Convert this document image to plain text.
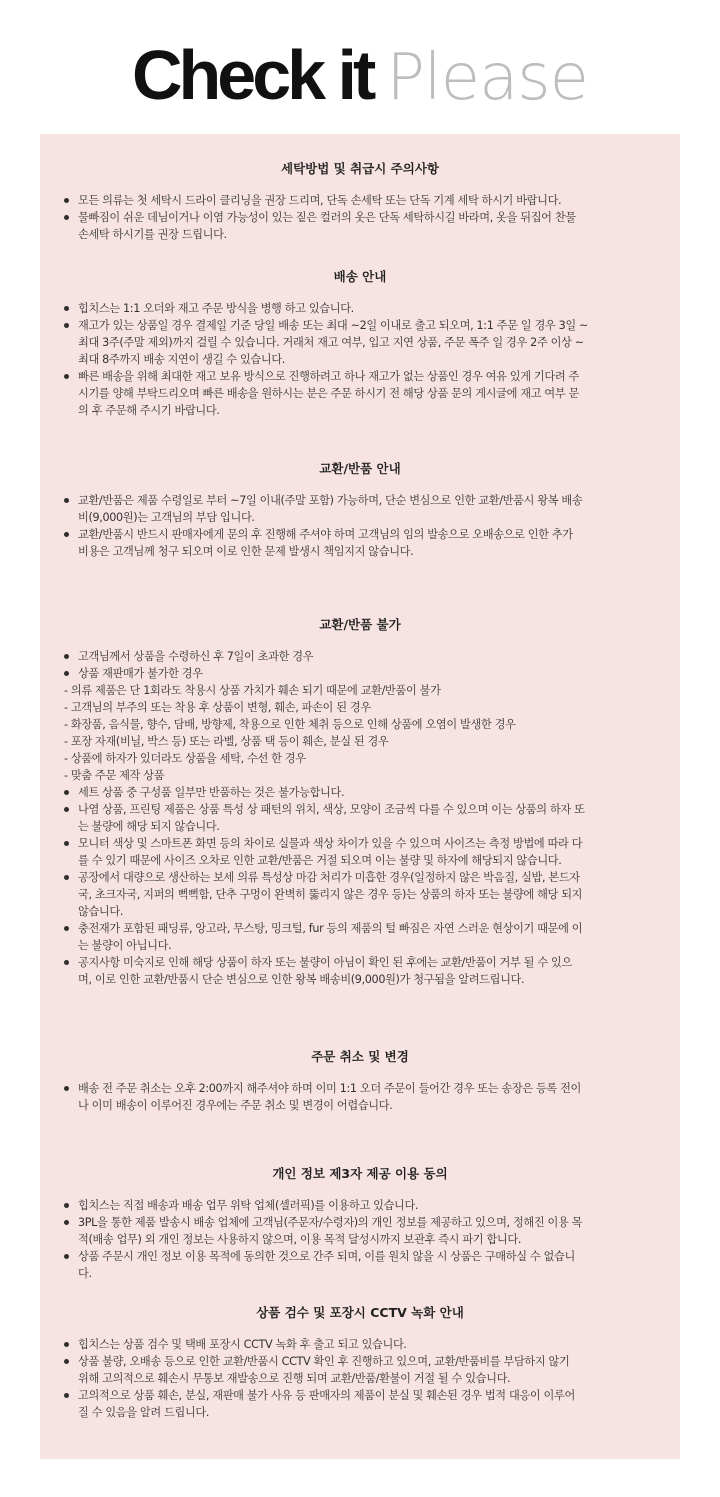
Check it Please
세탁방법 및 취급시 주의사항
모든 의류는 첫 세탁시 드라이 클리닝을 권장 드리며, 단독 손세탁 또는 단독 기계 세탁 하시기 바랍니다.
물빠짐이 쉬운 데님이거나 이염 가능성이 있는 짙은 컬러의 옷은 단독 세탁하시길 바라며, 옷을 뒤집어 찬물
손세탁 하시기를 권장 드립니다.
배송 안내
힙치스는 1:1 오더와 재고 주문 방식을 병행 하고 있습니다.
재고가 있는 상품일 경우 결제일 기준 당일 배송 또는 최대 ~2일 이내로 출고 되오며, 1:1 주문 일 경우 3일 ~
최대 3주(주말 제외)까지 걸릴 수 있습니다. 거래처 재고 여부, 입고 지연 상품, 주문 폭주 일 경우 2주 이상 ~
최대 8주까지 배송 지연이 생길 수 있습니다.
빠른 배송을 위해 최대한 재고 보유 방식으로 진행하려고 하나 재고가 없는 상품인 경우 여유 있게 기다려 주
시기를 양해 부탁드리오며 빠른 배송을 원하시는 분은 주문 하시기 전 해당 상품 문의 게시글에 재고 여부 문
의 후 주문해 주시기 바랍니다.
교환/반품 안내
교환/반품은 제품 수령일로 부터 ~7일 이내(주말 포함) 가능하며, 단순 변심으로 인한 교환/반품시 왕복 배송
비(9,000원)는 고객님의 부담 입니다.
교환/반품시 반드시 판매자에게 문의 후 진행해 주셔야 하며 고객님의 임의 발송으로 오배송으로 인한 추가
비용은 고객님께 청구 되오며 이로 인한 문제 발생시 책임지지 않습니다.
교환/반품 불가
고객님께서 상품을 수령하신 후 7일이 초과한 경우
상품 재판매가 불가한 경우
- 의류 제품은 단 1회라도 착용시 상품 가치가 훼손 되기 때문에 교환/반품이 불가
- 고객님의 부주의 또는 착용 후 상품이 변형, 훼손, 파손이 된 경우
- 화장품, 음식물, 향수, 담배, 방향제, 착용으로 인한 체취 등으로 인해 상품에 오염이 발생한 경우
- 포장 자재(비닐, 박스 등) 또는 라벨, 상품 택 등이 훼손, 분실 된 경우
- 상품에 하자가 있더라도 상품을 세탁, 수선 한 경우
- 맞춤 주문 제작 상품
세트 상품 중 구성품 일부만 반품하는 것은 불가능합니다.
나염 상품, 프린팅 제품은 상품 특성 상 패턴의 위치, 색상, 모양이 조금씩 다를 수 있으며 이는 상품의 하자 또
는 불량에 해당 되지 않습니다.
모니터 색상 및 스마트폰 화면 등의 차이로 실물과 색상 차이가 있을 수 있으며 사이즈는 측정 방법에 따라 다
를 수 있기 때문에 사이즈 오차로 인한 교환/반품은 거절 되오며 이는 불량 및 하자에 해당되지 않습니다.
공장에서 대량으로 생산하는 보세 의류 특성상 마감 처리가 미흡한 경우(일정하지 않은 박음질, 실밥, 본드자
국, 초크자국, 지퍼의 뻑뻑함, 단추 구멍이 완벽히 뚫리지 않은 경우 등)는 상품의 하자 또는 불량에 해당 되지
않습니다.
충전재가 포함된 패딩류, 앙고라, 무스탕, 밍크털, fur 등의 제품의 털 빠짐은 자연 스러운 현상이기 때문에 이
는 불량이 아닙니다.
공지사항 미숙지로 인해 해당 상품이 하자 또는 불량이 아님이 확인 된 후에는 교환/반품이 거부 될 수 있으
며, 이로 인한 교환/반품시 단순 변심으로 인한 왕복 배송비(9,000원)가 청구됨을 알려드립니다.
주문 취소 및 변경
배송 전 주문 취소는 오후 2:00까지 해주셔야 하며 이미 1:1 오더 주문이 들어간 경우 또는 송장은 등록 전이
나 이미 배송이 이루어진 경우에는 주문 취소 및 변경이 어렵습니다.
개인 정보 제3자 제공 이용 동의
힙치스는 직접 배송과 배송 업무 위탁 업체(셀러픽)를 이용하고 있습니다.
3PL을 통한 제품 발송시 배송 업체에 고객님(주문자/수령자)의 개인 정보를 제공하고 있으며, 정해진 이용 목
적(배송 업무) 외 개인 정보는 사용하지 않으며, 이용 목적 달성시까지 보관후 즉시 파기 합니다.
상품 주문시 개인 정보 이용 목적에 동의한 것으로 간주 되며, 이를 원치 않을 시 상품은 구매하실 수 없습니
다.
상품 검수 및 포장시 CCTV 녹화 안내
힙치스는 상품 검수 및 택배 포장시 CCTV 녹화 후 출고 되고 있습니다.
상품 불량, 오배송 등으로 인한 교환/반품시 CCTV 확인 후 진행하고 있으며, 교환/반품비를 부담하지 않기
위해 고의적으로 훼손시 무통보 재발송으로 진행 되며 교환/반품/환불이 거절 될 수 있습니다.
고의적으로 상품 훼손, 분실, 재판매 불가 사유 등 판매자의 제품이 분실 및 훼손된 경우 법적 대응이 이루어
질 수 있음을 알려 드립니다.
